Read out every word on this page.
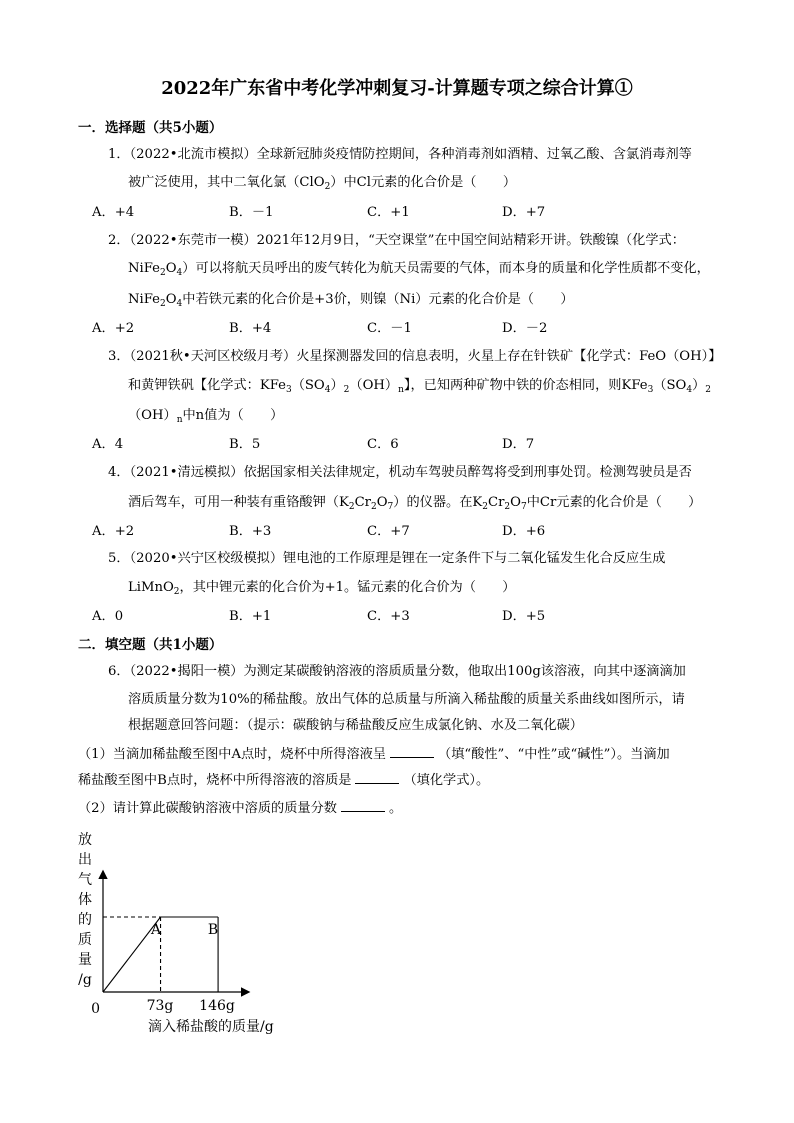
2022年广东省中考化学冲刺复习-计算题专项之综合计算①
一．选择题（共5小题）
1．（2022•北流市模拟）全球新冠肺炎疫情防控期间，各种消毒剂如酒精、过氧乙酸、含氯消毒剂等
被广泛使用，其中二氧化氯（ClO$_2$）中Cl元素的化合价是（　　）
A．+4	B．－1	C．+1	D．+7
2．（2022•东莞市一模）2021年12月9日，“天空课堂”在中国空间站精彩开讲。铁酸镍（化学式：
$NiFe_2O_4$）可以将航天员呼出的废气转化为航天员需要的气体，而本身的质量和化学性质都不变化，
$NiFe_2O_4$中若铁元素的化合价是+3价，则镍（Ni）元素的化合价是（　　）
A．+2	B．+4	C．－1	D．－2
3．（2021秋•天河区校级月考）火星探测器发回的信息表明，火星上存在针铁矿【化学式：FeO（OH）】
和黄钾铁矾【化学式：$KFe_3(SO_4)_2(OH)_n$】，已知两种矿物中铁的价态相同，则$KFe_3(SO_4)_2$
$(OH)_n$中n值为（　　）
A．4	B．5	C．6	D．7
4．（2021•清远模拟）依据国家相关法律规定，机动车驾驶员醉驾将受到刑事处罚。检测驾驶员是否
酒后驾车，可用一种装有重铬酸钾$(K_2Cr_2O_7)$的仪器。在$K_2Cr_2O_7$中Cr元素的化合价是（　　）
A．+2	B．+3	C．+7	D．+6
5．（2020•兴宁区校级模拟）锂电池的工作原理是锂在一定条件下与二氧化锰发生化合反应生成
LiMnO$_2$，其中锂元素的化合价为+1。锰元素的化合价为（　　）
A．0	B．+1	C．+3	D．+5
二．填空题（共1小题）
6．（2022•揭阳一模）为测定某碳酸钠溶液的溶质质量分数，他取出100g该溶液，向其中逐滴滴加
溶质质量分数为10%的稀盐酸。放出气体的总质量与所滴入稀盐酸的质量关系曲线如图所示，请
根据题意回答问题：（提示：碳酸钠与稀盐酸反应生成氯化钠、水及二氧化碳）
（1）当滴加稀盐酸至图中A点时，烧杯中所得溶液呈	（填“酸性”、“中性”或“碱性”）。当滴加
稀盐酸至图中B点时，烧杯中所得溶液的溶质是	（填化学式）。
（2）请计算此碳酸钠溶液中溶质的质量分数	。
放
出
气
体
的
质
量
/g
0	73g 146g
A	B
滴入稀盐酸的质量/g
